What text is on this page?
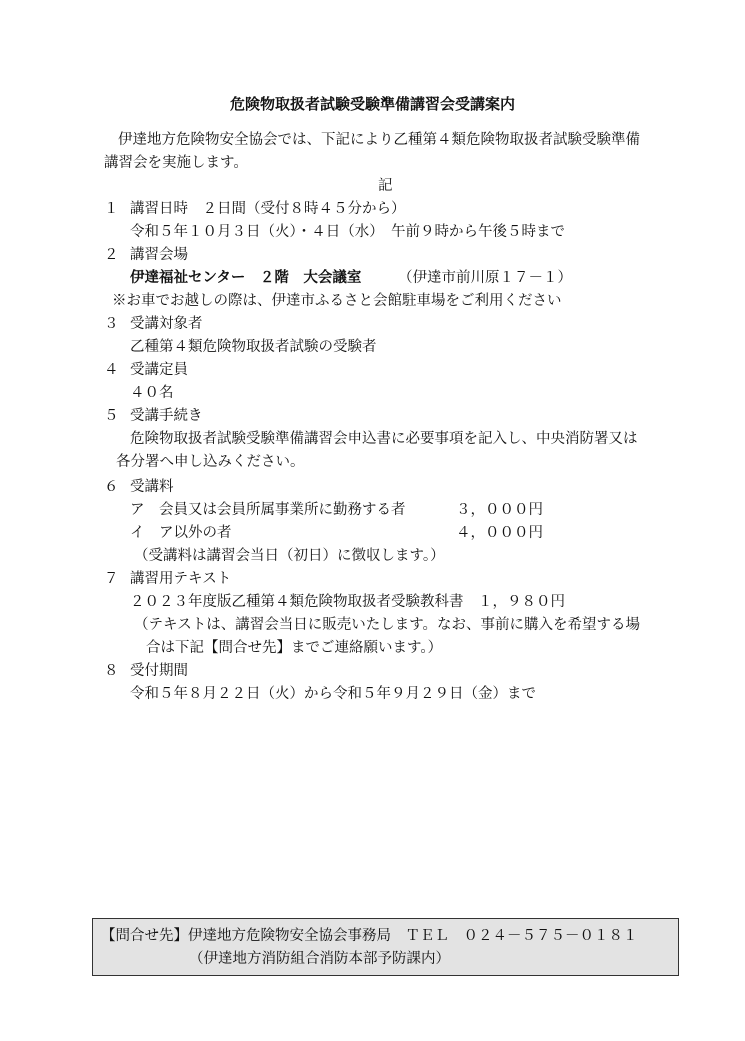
危険物取扱者試験受験準備講習会受講案内
伊達地方危険物安全協会では、下記により乙種第４類危険物取扱者試験受験準備
講習会を実施します。
記
１ 講習日時　２日間（受付８時４５分から）
令和５年１０月３日（火）・４日（水）　午前９時から午後５時まで
２ 講習会場
伊達福祉センター　２階　大会議室	（伊達市前川原１７－１）
※お車でお越しの際は、伊達市ふるさと会館駐車場をご利用ください
３ 受講対象者
乙種第４類危険物取扱者試験の受験者
４ 受講定員
４０名
５ 受講手続き
危険物取扱者試験受験準備講習会申込書に必要事項を記入し、中央消防署又は
各分署へ申し込みください。
６ 受講料
ア　会員又は会員所属事業所に勤務する者	３，０００円
イ　ア以外の者	４，０００円
（受講料は講習会当日（初日）に徴収します。）
７ 講習用テキスト
２０２３年度版乙種第４類危険物取扱者受験教科書　１，９８０円
（テキストは、講習会当日に販売いたします。なお、事前に購入を希望する場
合は下記【問合せ先】までご連絡願います。）
８ 受付期間
令和５年８月２２日（火）から令和５年９月２９日（金）まで
【問合せ先】伊達地方危険物安全協会事務局　ＴＥＬ　０２４－５７５－０１８１
（伊達地方消防組合消防本部予防課内）
